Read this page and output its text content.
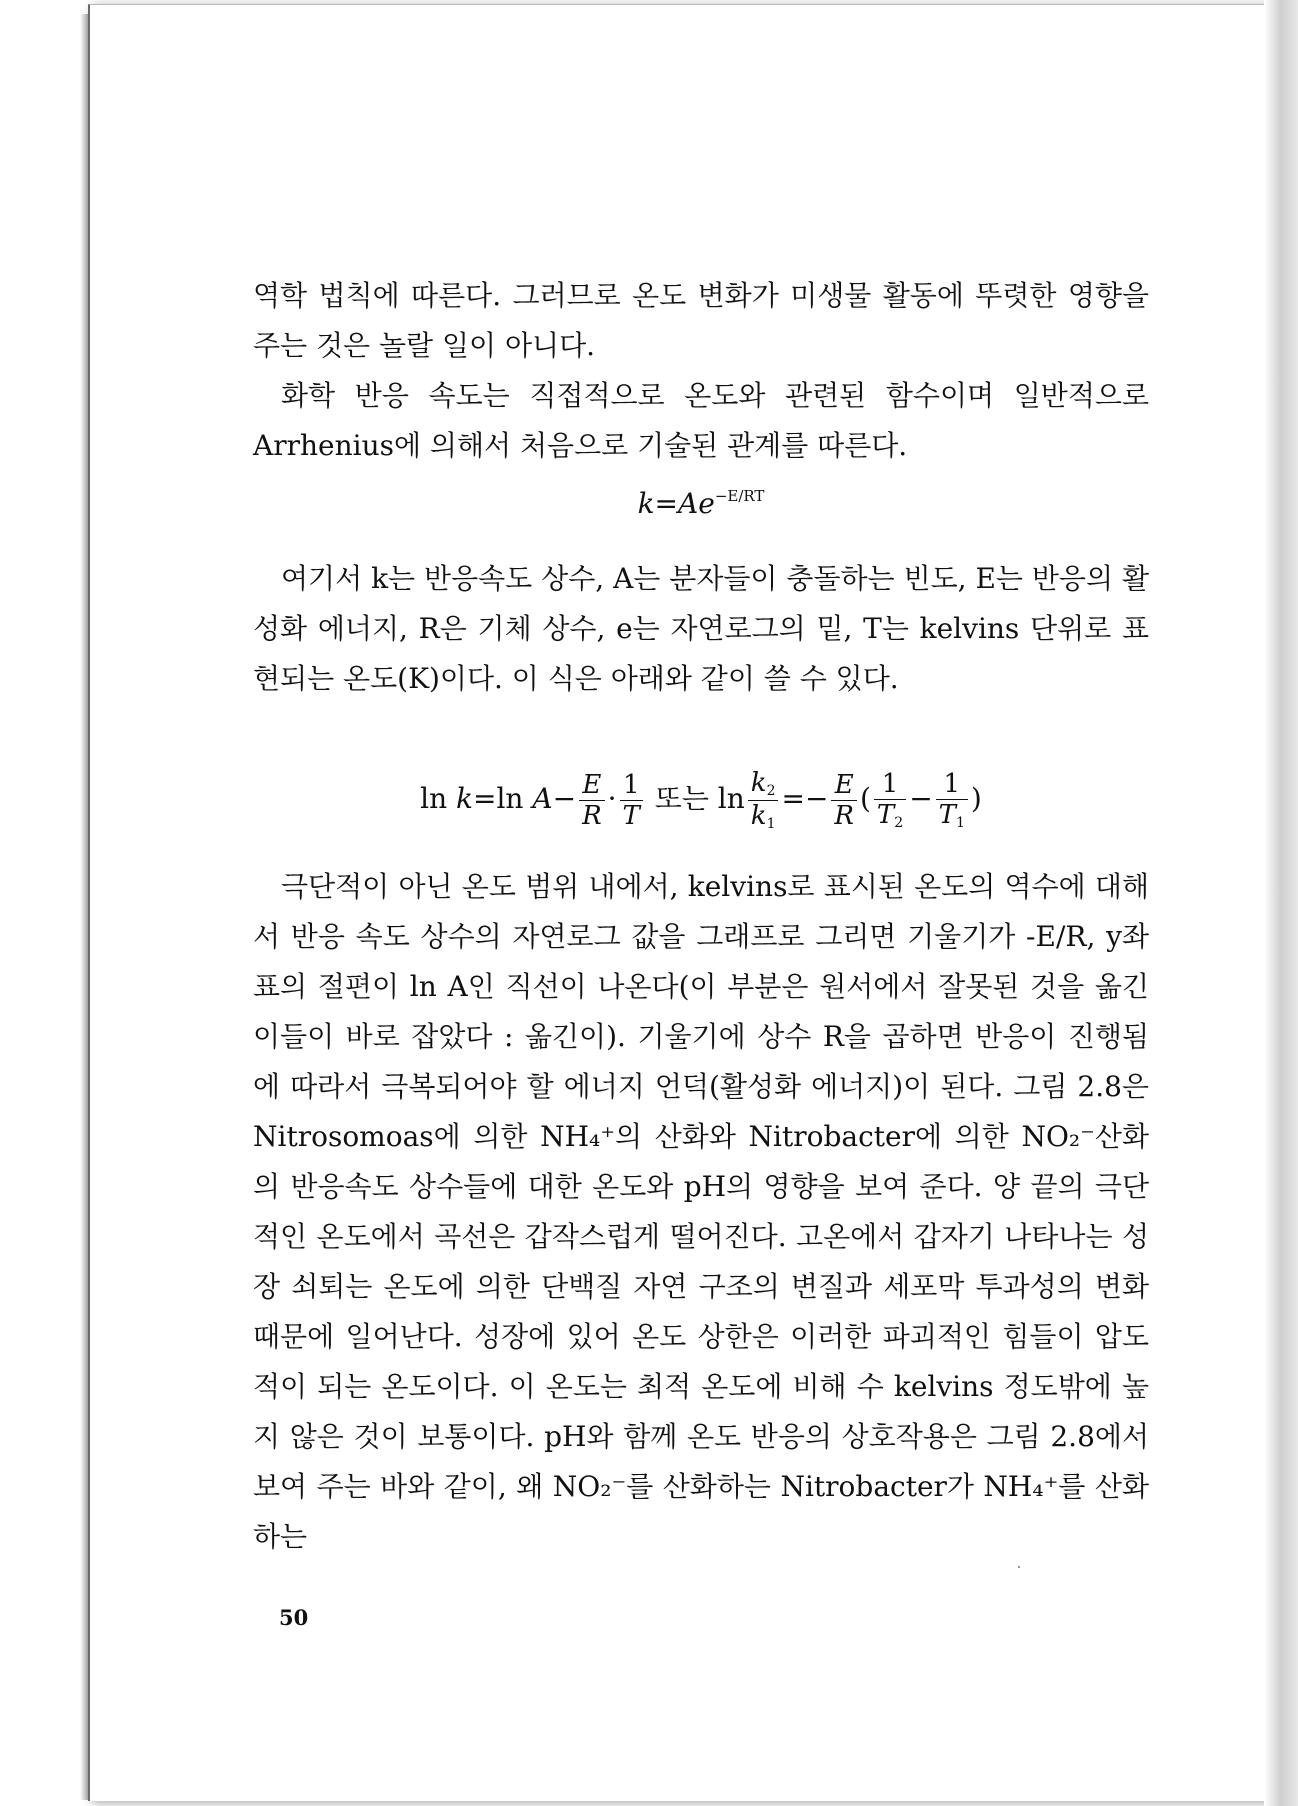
역학 법칙에 따른다. 그러므로 온도 변화가 미생물 활동에 뚜렷한 영향을 주는 것은 놀랄 일이 아니다.

화학 반응 속도는 직접적으로 온도와 관련된 함수이며 일반적으로 Arrhenius에 의해서 처음으로 기술된 관계를 따른다.

$k=Ae^{-E/RT}$

여기서 k는 반응속도 상수, A는 분자들이 충돌하는 빈도, E는 반응의 활성화 에너지, R은 기체 상수, e는 자연로그의 밑, T는 kelvins 단위로 표현되는 온도(K)이다. 이 식은 아래와 같이 쓸 수 있다.

ln k=ln $A- \frac{E}{R} \cdot \frac{1}{T}$ 또는 $\ln \frac{k_2}{k_1} =- \frac{E}{R}$ ( $\frac{1}{T_2} - \frac{1}{T_1}$ )

극단적이 아닌 온도 범위 내에서, kelvins로 표시된 온도의 역수에 대해서 반응 속도 상수의 자연로그 값을 그래프로 그리면 기울기가 -E/R, y좌표의 절편이 ln A인 직선이 나온다(이 부분은 원서에서 잘못된 것을 옮긴이들이 바로 잡았다 : 옮긴이). 기울기에 상수 R을 곱하면 반응이 진행됨에 따라서 극복되어야 할 에너지 언덕(활성화 에너지)이 된다. 그림 2.8은 Nitrosomoas에 의한 NH₄⁺의 산화와 Nitrobacter에 의한 NO₂⁻산화의 반응속도 상수들에 대한 온도와 pH의 영향을 보여 준다. 양 끝의 극단적인 온도에서 곡선은 갑작스럽게 떨어진다. 고온에서 갑자기 나타나는 성장 쇠퇴는 온도에 의한 단백질 자연 구조의 변질과 세포막 투과성의 변화 때문에 일어난다. 성장에 있어 온도 상한은 이러한 파괴적인 힘들이 압도적이 되는 온도이다. 이 온도는 최적 온도에 비해 수 kelvins 정도밖에 높지 않은 것이 보통이다. pH와 함께 온도 반응의 상호작용은 그림 2.8에서 보여 주는 바와 같이, 왜 NO₂⁻를 산화하는 Nitrobacter가 NH₄⁺를 산화하는

50
